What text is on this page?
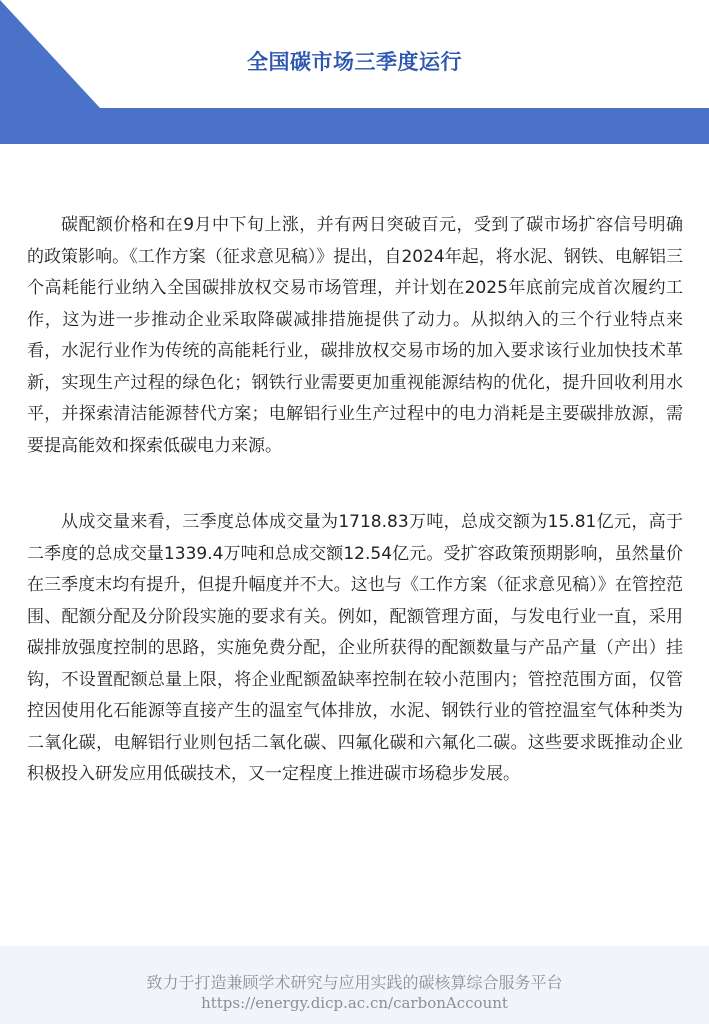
全国碳市场三季度运行

碳配额价格和在9月中下旬上涨，并有两日突破百元，受到了碳市场扩容信号明确的政策影响。《工作方案（征求意见稿）》提出，自2024年起，将水泥、钢铁、电解铝三个高耗能行业纳入全国碳排放权交易市场管理，并计划在2025年底前完成首次履约工作，这为进一步推动企业采取降碳减排措施提供了动力。从拟纳入的三个行业特点来看，水泥行业作为传统的高能耗行业，碳排放权交易市场的加入要求该行业加快技术革新，实现生产过程的绿色化；钢铁行业需要更加重视能源结构的优化，提升回收利用水平，并探索清洁能源替代方案；电解铝行业生产过程中的电力消耗是主要碳排放源，需要提高能效和探索低碳电力来源。

从成交量来看，三季度总体成交量为1718.83万吨，总成交额为15.81亿元，高于二季度的总成交量1339.4万吨和总成交额12.54亿元。受扩容政策预期影响，虽然量价在三季度末均有提升，但提升幅度并不大。这也与《工作方案（征求意见稿）》在管控范围、配额分配及分阶段实施的要求有关。例如，配额管理方面，与发电行业一直，采用碳排放强度控制的思路，实施免费分配，企业所获得的配额数量与产品产量（产出）挂钩，不设置配额总量上限，将企业配额盈缺率控制在较小范围内；管控范围方面，仅管控因使用化石能源等直接产生的温室气体排放，水泥、钢铁行业的管控温室气体种类为二氧化碳，电解铝行业则包括二氧化碳、四氟化碳和六氟化二碳。这些要求既推动企业积极投入研发应用低碳技术，又一定程度上推进碳市场稳步发展。

致力于打造兼顾学术研究与应用实践的碳核算综合服务平台
https://energy.dicp.ac.cn/carbonAccount
